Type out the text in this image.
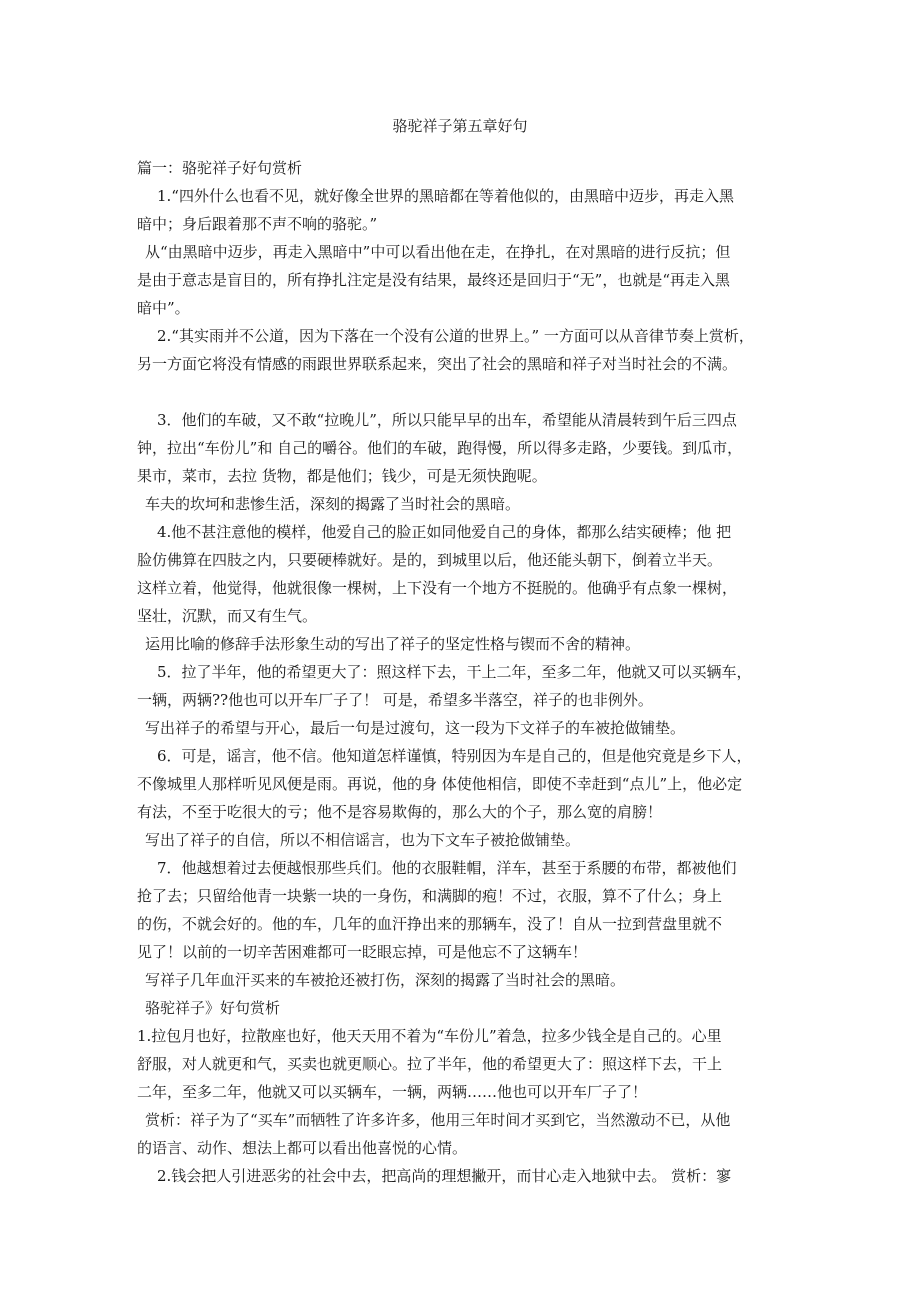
骆驼祥子第五章好句
篇一：骆驼祥子好句赏析
1.“四外什么也看不见，就好像全世界的黑暗都在等着他似的，由黑暗中迈步，再走入黑
暗中；身后跟着那不声不响的骆驼。”
从“由黑暗中迈步，再走入黑暗中”中可以看出他在走，在挣扎，在对黑暗的进行反抗；但
是由于意志是盲目的，所有挣扎注定是没有结果，最终还是回归于“无”，也就是“再走入黑
暗中”。
2.“其实雨并不公道，因为下落在一个没有公道的世界上。” 一方面可以从音律节奏上赏析，
另一方面它将没有情感的雨跟世界联系起来，突出了社会的黑暗和祥子对当时社会的不满。
3．他们的车破，又不敢“拉晚儿”，所以只能早早的出车，希望能从清晨转到午后三四点
钟，拉出“车份儿”和 自己的嚼谷。他们的车破，跑得慢，所以得多走路，少要钱。到瓜市，
果市，菜市，去拉 货物，都是他们；钱少，可是无须快跑呢。
车夫的坎坷和悲惨生活，深刻的揭露了当时社会的黑暗。
4.他不甚注意他的模样，他爱自己的脸正如同他爱自己的身体，都那么结实硬棒；他 把
脸仿佛算在四肢之内，只要硬棒就好。是的，到城里以后，他还能头朝下，倒着立半天。
这样立着，他觉得，他就很像一棵树，上下没有一个地方不挺脱的。他确乎有点象一棵树，
坚壮，沉默，而又有生气。
运用比喻的修辞手法形象生动的写出了祥子的坚定性格与锲而不舍的精神。
5．拉了半年，他的希望更大了：照这样下去，干上二年，至多二年，他就又可以买辆车，
一辆，两辆??他也可以开车厂子了！ 可是，希望多半落空，祥子的也非例外。
写出祥子的希望与开心，最后一句是过渡句，这一段为下文祥子的车被抢做铺垫。
6．可是，谣言，他不信。他知道怎样谨慎，特别因为车是自己的，但是他究竟是乡下人，
不像城里人那样听见风便是雨。再说，他的身 体使他相信，即使不幸赶到“点儿”上，他必定
有法，不至于吃很大的亏；他不是容易欺侮的，那么大的个子，那么宽的肩膀！
写出了祥子的自信，所以不相信谣言，也为下文车子被抢做铺垫。
7．他越想着过去便越恨那些兵们。他的衣服鞋帽，洋车，甚至于系腰的布带，都被他们
抢了去；只留给他青一块紫一块的一身伤，和满脚的疱！不过，衣服，算不了什么；身上
的伤，不就会好的。他的车，几年的血汗挣出来的那辆车，没了！自从一拉到营盘里就不
见了！以前的一切辛苦困难都可一眨眼忘掉，可是他忘不了这辆车！
写祥子几年血汗买来的车被抢还被打伤，深刻的揭露了当时社会的黑暗。
骆驼祥子》好句赏析
1.拉包月也好，拉散座也好，他天天用不着为“车份儿”着急，拉多少钱全是自己的。心里
舒服，对人就更和气，买卖也就更顺心。拉了半年，他的希望更大了：照这样下去，干上
二年，至多二年，他就又可以买辆车，一辆，两辆……他也可以开车厂子了！
赏析：祥子为了“买车”而牺牲了许多许多，他用三年时间才买到它，当然激动不已，从他
的语言、动作、想法上都可以看出他喜悦的心情。
2.钱会把人引进恶劣的社会中去，把高尚的理想撇开，而甘心走入地狱中去。 赏析：寥
